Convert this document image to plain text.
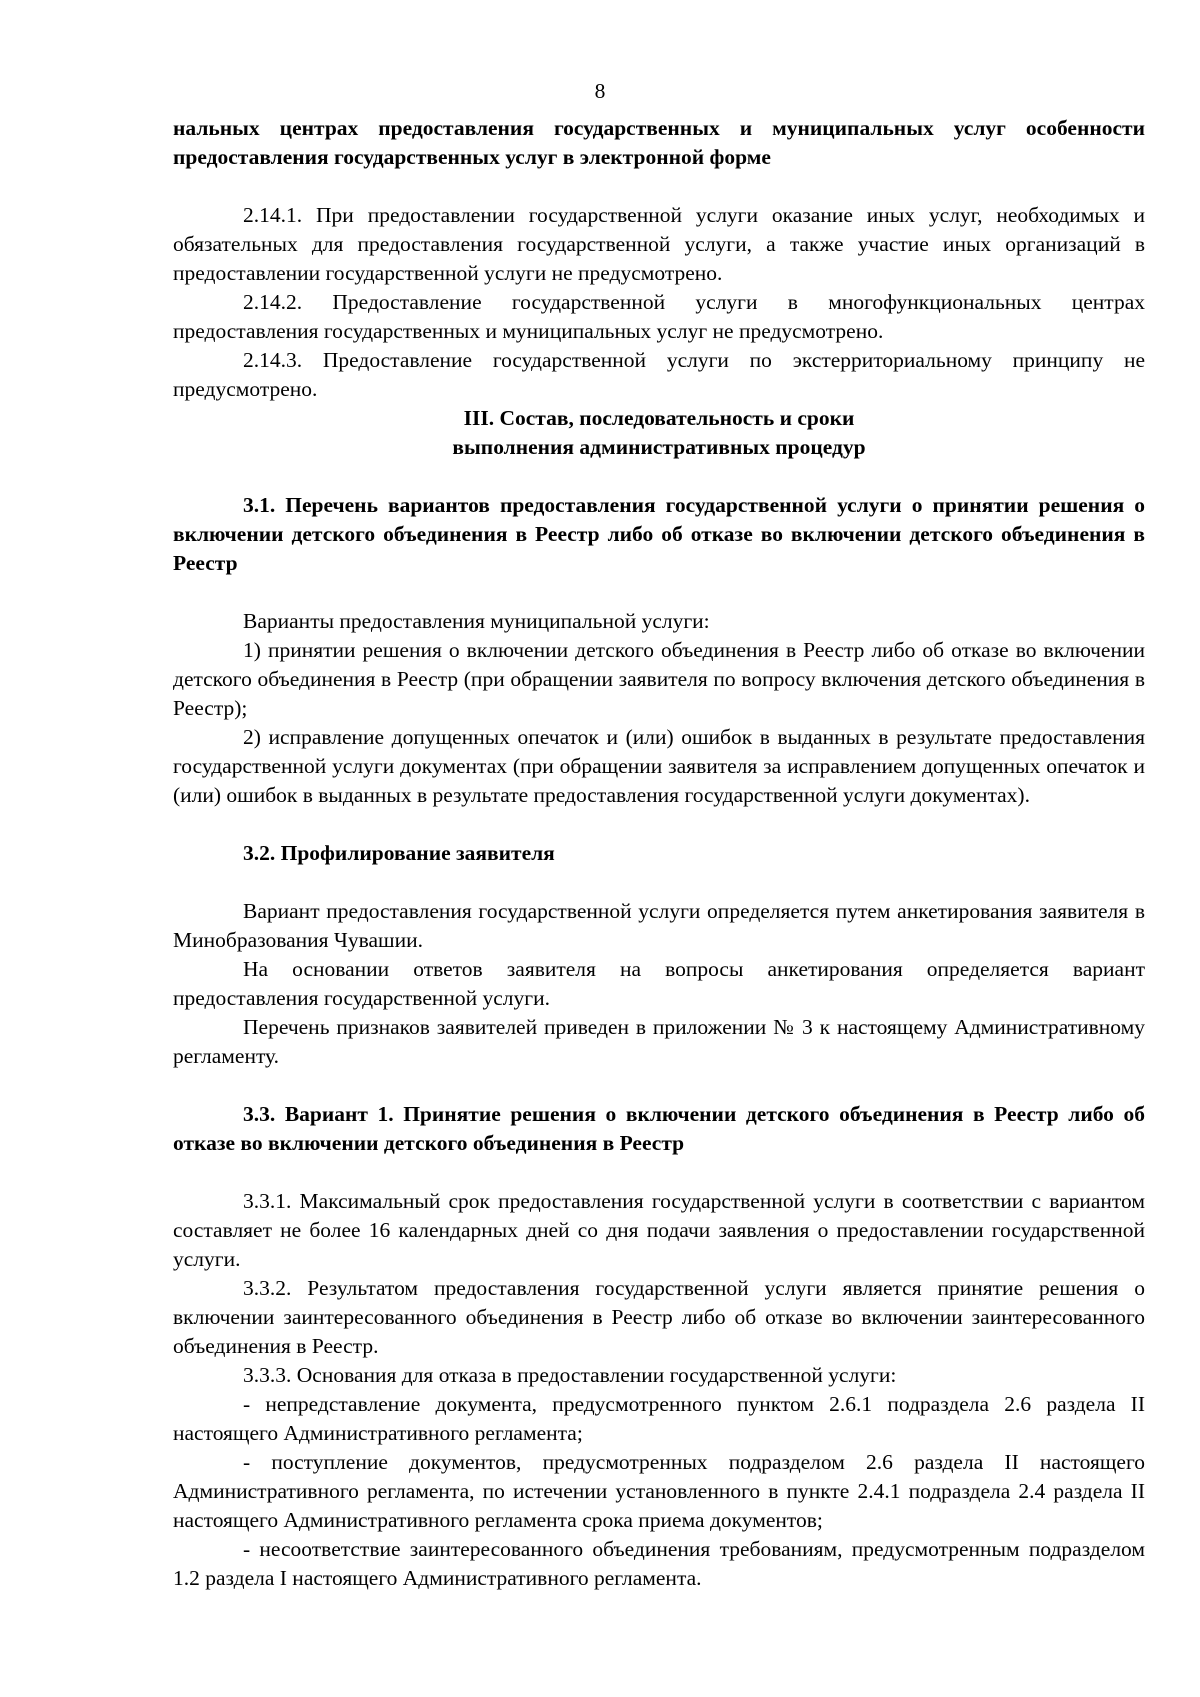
8

нальных центрах предоставления государственных и муниципальных услуг особенности предоставления государственных услуг в электронной форме

2.14.1. При предоставлении государственной услуги оказание иных услуг, необходимых и обязательных для предоставления государственной услуги, а также участие иных организаций в предоставлении государственной услуги не предусмотрено.

2.14.2. Предоставление государственной услуги в многофункциональных центрах предоставления государственных и муниципальных услуг не предусмотрено.

2.14.3. Предоставление государственной услуги по экстерриториальному принципу не предусмотрено.

III. Состав, последовательность и сроки

выполнения административных процедур

3.1. Перечень вариантов предоставления государственной услуги о принятии решения о включении детского объединения в Реестр либо об отказе во включении детского объединения в Реестр

Варианты предоставления муниципальной услуги:

1) принятии решения о включении детского объединения в Реестр либо об отказе во включении детского объединения в Реестр (при обращении заявителя по вопросу включения детского объединения в Реестр);

2) исправление допущенных опечаток и (или) ошибок в выданных в результате предоставления государственной услуги документах (при обращении заявителя за исправлением допущенных опечаток и (или) ошибок в выданных в результате предоставления государственной услуги документах).

3.2. Профилирование заявителя

Вариант предоставления государственной услуги определяется путем анкетирования заявителя в Минобразования Чувашии.

На основании ответов заявителя на вопросы анкетирования определяется вариант предоставления государственной услуги.

Перечень признаков заявителей приведен в приложении № 3 к настоящему Административному регламенту.

3.3. Вариант 1. Принятие решения о включении детского объединения в Реестр либо об отказе во включении детского объединения в Реестр

3.3.1. Максимальный срок предоставления государственной услуги в соответствии с вариантом составляет не более 16 календарных дней со дня подачи заявления о предоставлении государственной услуги.

3.3.2. Результатом предоставления государственной услуги является принятие решения о включении заинтересованного объединения в Реестр либо об отказе во включении заинтересованного объединения в Реестр.

3.3.3. Основания для отказа в предоставлении государственной услуги:

- непредставление документа, предусмотренного пунктом 2.6.1 подраздела 2.6 раздела II настоящего Административного регламента;

- поступление документов, предусмотренных подразделом 2.6 раздела II настоящего Административного регламента, по истечении установленного в пункте 2.4.1 подраздела 2.4 раздела II настоящего Административного регламента срока приема документов;

- несоответствие заинтересованного объединения требованиям, предусмотренным подразделом 1.2 раздела I настоящего Административного регламента.
